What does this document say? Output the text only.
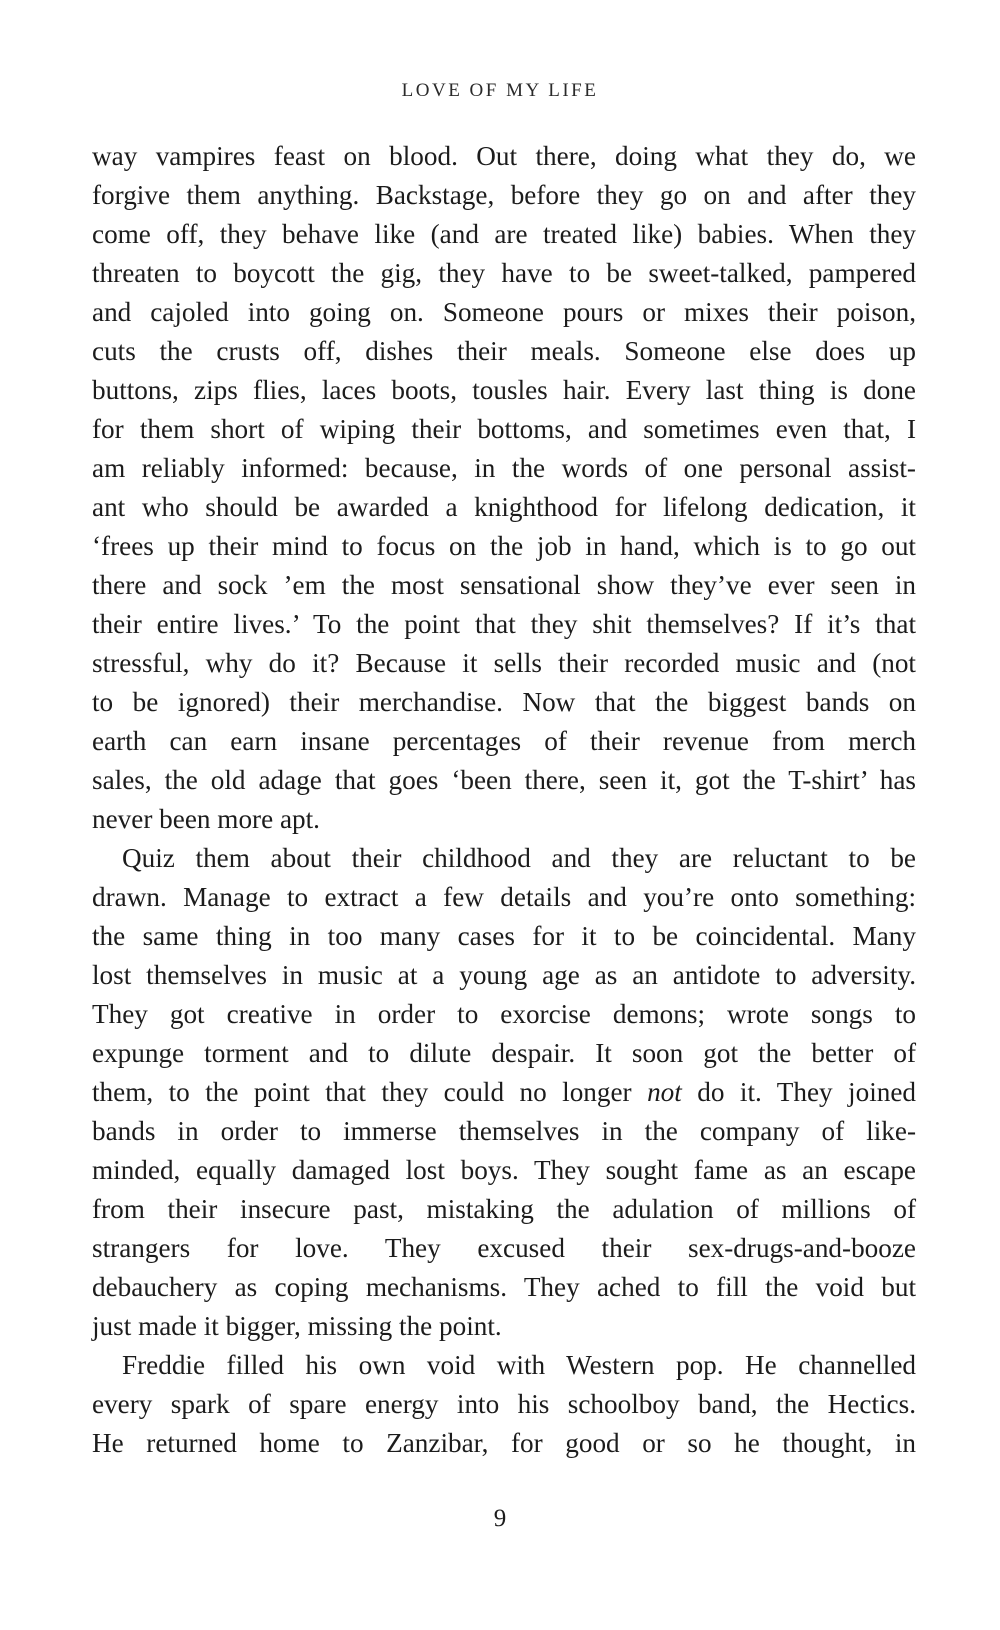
LOVE OF MY LIFE
way vampires feast on blood. Out there, doing what they do, we
forgive them anything. Backstage, before they go on and after they
come off, they behave like (and are treated like) babies. When they
threaten to boycott the gig, they have to be sweet-talked, pampered
and cajoled into going on. Someone pours or mixes their poison,
cuts the crusts off, dishes their meals. Someone else does up
buttons, zips flies, laces boots, tousles hair. Every last thing is done
for them short of wiping their bottoms, and sometimes even that, I
am reliably informed: because, in the words of one personal assist-
ant who should be awarded a knighthood for lifelong dedication, it
‘frees up their mind to focus on the job in hand, which is to go out
there and sock ’em the most sensational show they’ve ever seen in
their entire lives.’ To the point that they shit themselves? If it’s that
stressful, why do it? Because it sells their recorded music and (not
to be ignored) their merchandise. Now that the biggest bands on
earth can earn insane percentages of their revenue from merch
sales, the old adage that goes ‘been there, seen it, got the T-shirt’ has
never been more apt.
Quiz them about their childhood and they are reluctant to be
drawn. Manage to extract a few details and you’re onto something:
the same thing in too many cases for it to be coincidental. Many
lost themselves in music at a young age as an antidote to adversity.
They got creative in order to exorcise demons; wrote songs to
expunge torment and to dilute despair. It soon got the better of
them, to the point that they could no longer not do it. They joined
bands in order to immerse themselves in the company of like-
minded, equally damaged lost boys. They sought fame as an escape
from their insecure past, mistaking the adulation of millions of
strangers for love. They excused their sex-drugs-and-booze
debauchery as coping mechanisms. They ached to fill the void but
just made it bigger, missing the point.
Freddie filled his own void with Western pop. He channelled
every spark of spare energy into his schoolboy band, the Hectics.
He returned home to Zanzibar, for good or so he thought, in
9
